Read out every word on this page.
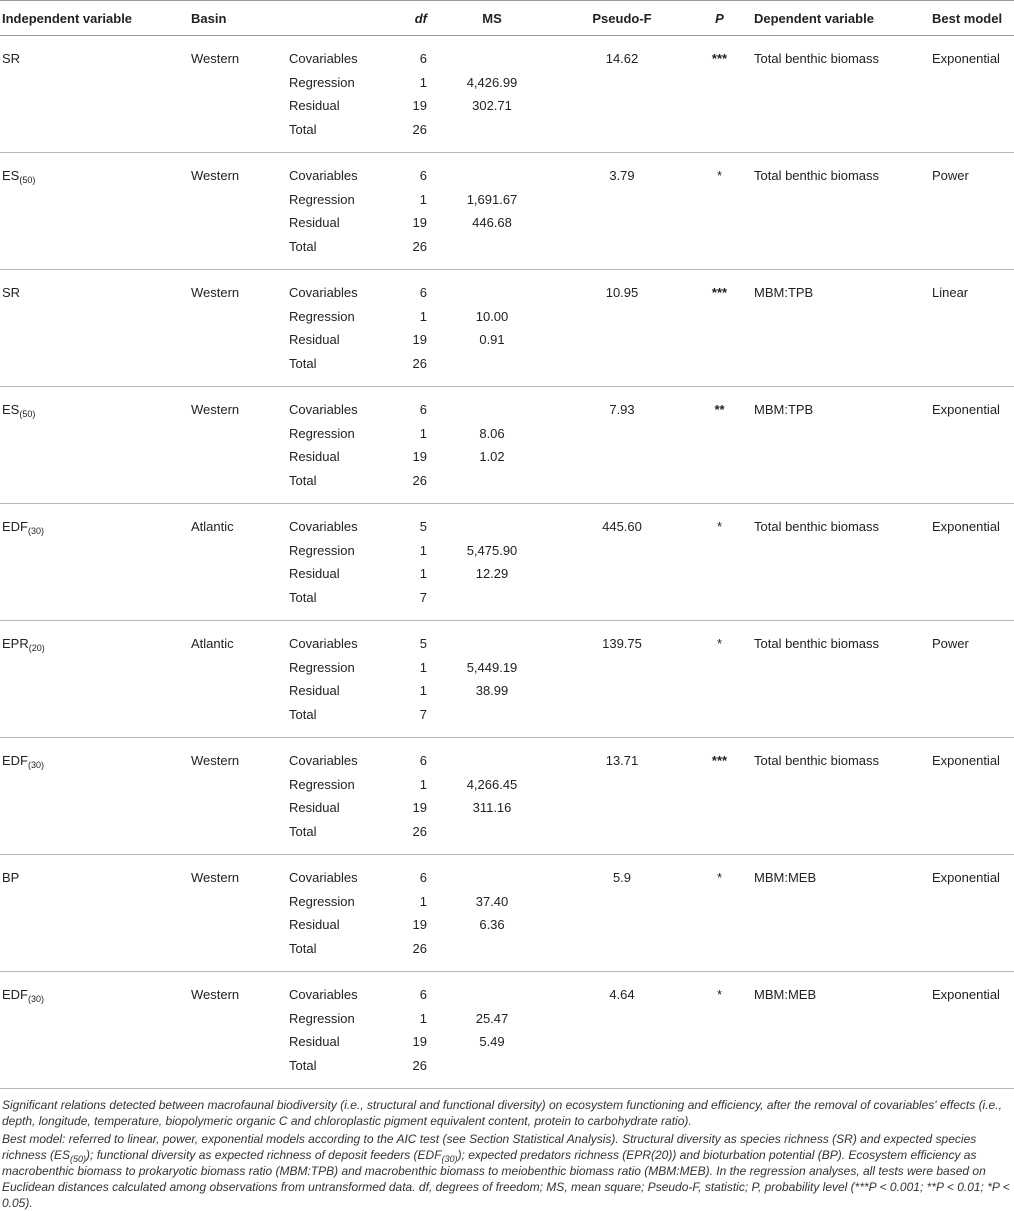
Independent variable	Basin		df	MS	Pseudo-F	P	Dependent variable	Best model
SR	Western	Covariables	6		14.62	***	Total benthic biomass	Exponential
		Regression	1	4,426.99				
		Residual	19	302.71				
		Total	26					
$ES_{(50)}$	Western	Covariables	6		3.79	*	Total benthic biomass	Power
		Regression	1	1,691.67				
		Residual	19	446.68				
		Total	26					
SR	Western	Covariables	6		10.95	***	MBM:TPB	Linear
		Regression	1	10.00				
		Residual	19	0.91				
		Total	26					
$ES_{(50)}$	Western	Covariables	6		7.93	**	MBM:TPB	Exponential
		Regression	1	8.06				
		Residual	19	1.02				
		Total	26					
$EDF_{(30)}$	Atlantic	Covariables	5		445.60	*	Total benthic biomass	Exponential
		Regression	1	5,475.90				
		Residual	1	12.29				
		Total	7					
$EPR_{(20)}$	Atlantic	Covariables	5		139.75	*	Total benthic biomass	Power
		Regression	1	5,449.19				
		Residual	1	38.99				
		Total	7					
$EDF_{(30)}$	Western	Covariables	6		13.71	***	Total benthic biomass	Exponential
		Regression	1	4,266.45				
		Residual	19	311.16				
		Total	26					
BP	Western	Covariables	6		5.9	*	MBM:MEB	Exponential
		Regression	1	37.40				
		Residual	19	6.36				
		Total	26					
$EDF_{(30)}$	Western	Covariables	6		4.64	*	MBM:MEB	Exponential
		Regression	1	25.47				
		Residual	19	5.49				
		Total	26					

Significant relations detected between macrofaunal biodiversity (i.e., structural and functional diversity) on ecosystem functioning and efficiency, after the removal of covariables' effects (i.e., depth, longitude, temperature, biopolymeric organic C and chloroplastic pigment equivalent content, protein to carbohydrate ratio).

Best model: referred to linear, power, exponential models according to the AIC test (see Section Statistical Analysis). Structural diversity as species richness (SR) and expected species richness $(ES_{(50)})$; functional diversity as expected richness of deposit feeders $(EDF_{(30)})$; expected predators richness (EPR(20)) and bioturbation potential (BP). Ecosystem efficiency as macrobenthic biomass to prokaryotic biomass ratio (MBM:TPB) and macrobenthic biomass to meiobenthic biomass ratio (MBM:MEB). In the regression analyses, all tests were based on Euclidean distances calculated among observations from untransformed data. df, degrees of freedom; MS, mean square; Pseudo-F, statistic; P, probability level (***P < 0.001; **P < 0.01; *P < 0.05).
